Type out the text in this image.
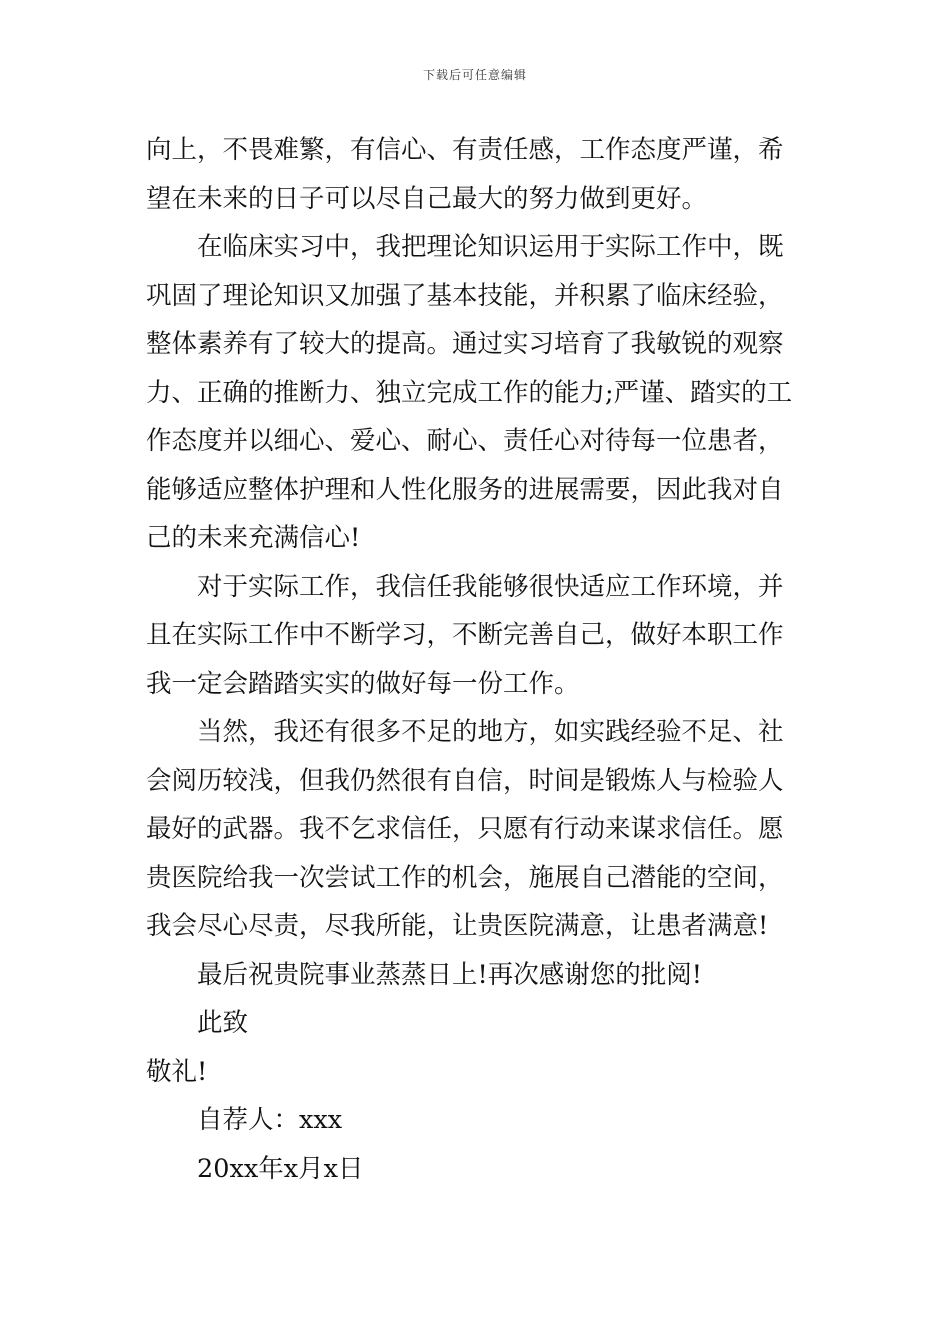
下载后可任意编辑
向上，不畏难繁，有信心、有责任感，工作态度严谨，希
望在未来的日子可以尽自己最大的努力做到更好。
在临床实习中，我把理论知识运用于实际工作中，既
巩固了理论知识又加强了基本技能，并积累了临床经验，
整体素养有了较大的提高。通过实习培育了我敏锐的观察
力、正确的推断力、独立完成工作的能力;严谨、踏实的工
作态度并以细心、爱心、耐心、责任心对待每一位患者，
能够适应整体护理和人性化服务的进展需要，因此我对自
己的未来充满信心!
对于实际工作，我信任我能够很快适应工作环境，并
且在实际工作中不断学习，不断完善自己，做好本职工作
我一定会踏踏实实的做好每一份工作。
当然，我还有很多不足的地方，如实践经验不足、社
会阅历较浅，但我仍然很有自信，时间是锻炼人与检验人
最好的武器。我不乞求信任，只愿有行动来谋求信任。愿
贵医院给我一次尝试工作的机会，施展自己潜能的空间，
我会尽心尽责，尽我所能，让贵医院满意，让患者满意!
最后祝贵院事业蒸蒸日上!再次感谢您的批阅!
此致
敬礼!
自荐人：xxx
20xx年x月x日
